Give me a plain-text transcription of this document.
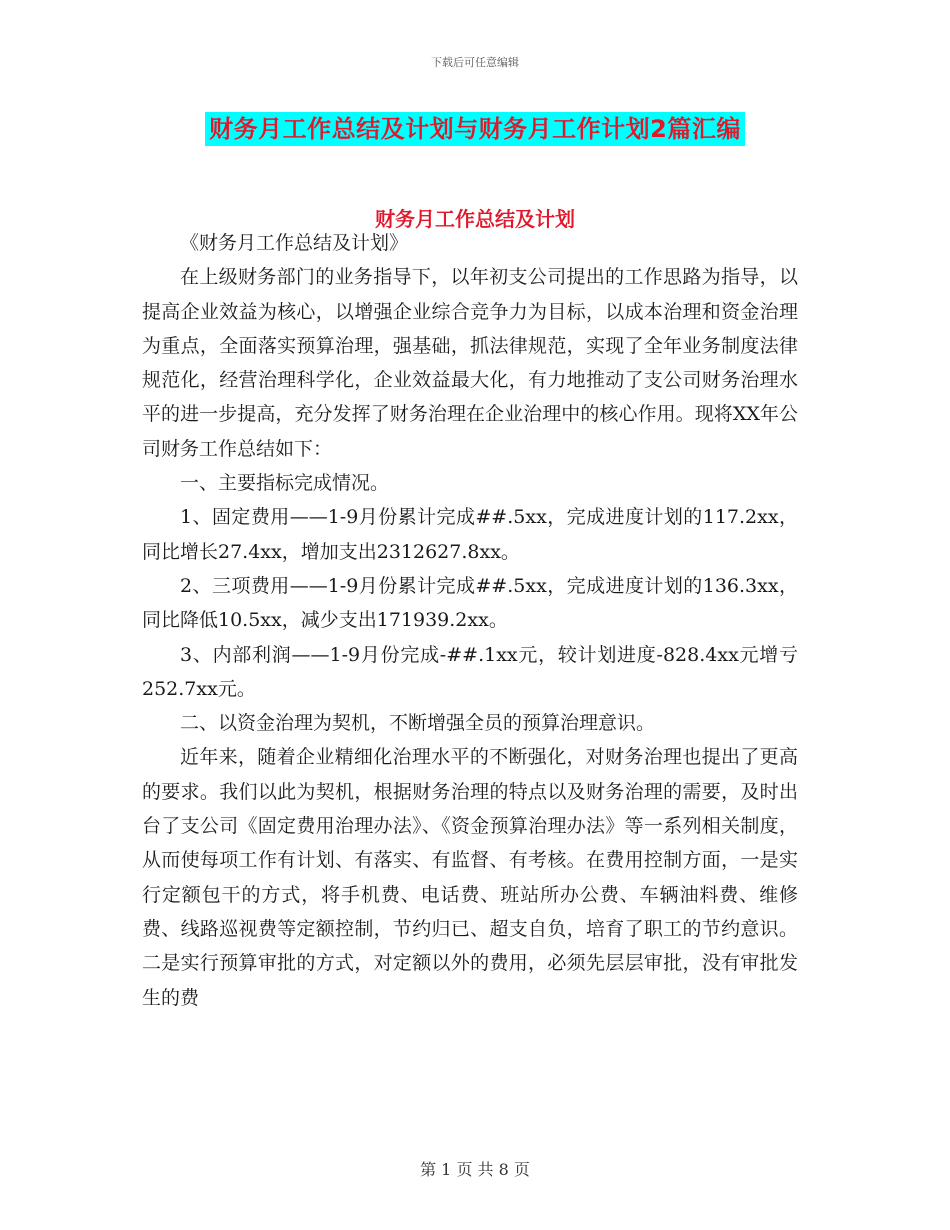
下载后可任意编辑
财务月工作总结及计划与财务月工作计划2篇汇编
财务月工作总结及计划

《财务月工作总结及计划》

在上级财务部门的业务指导下，以年初支公司提出的工作思路为指导，以提高企业效益为核心，以增强企业综合竞争力为目标，以成本治理和资金治理为重点，全面落实预算治理，强基础，抓法律规范，实现了全年业务制度法律规范化，经营治理科学化，企业效益最大化，有力地推动了支公司财务治理水平的进一步提高，充分发挥了财务治理在企业治理中的核心作用。现将XX年公司财务工作总结如下：

一、主要指标完成情况。

1、固定费用——1-9月份累计完成##.5xx，完成进度计划的117.2xx，同比增长27.4xx，增加支出2312627.8xx。

2、三项费用——1-9月份累计完成##.5xx，完成进度计划的136.3xx，同比降低10.5xx，减少支出171939.2xx。

3、内部利润——1-9月份完成-##.1xx元，较计划进度-828.4xx元增亏252.7xx元。

二、以资金治理为契机，不断增强全员的预算治理意识。

近年来，随着企业精细化治理水平的不断强化，对财务治理也提出了更高的要求。我们以此为契机，根据财务治理的特点以及财务治理的需要，及时出台了支公司《固定费用治理办法》、《资金预算治理办法》等一系列相关制度，从而使每项工作有计划、有落实、有监督、有考核。在费用控制方面，一是实行定额包干的方式，将手机费、电话费、班站所办公费、车辆油料费、维修费、线路巡视费等定额控制，节约归已、超支自负，培育了职工的节约意识。二是实行预算审批的方式，对定额以外的费用，必须先层层审批，没有审批发生的费

第 1 页 共 8 页
